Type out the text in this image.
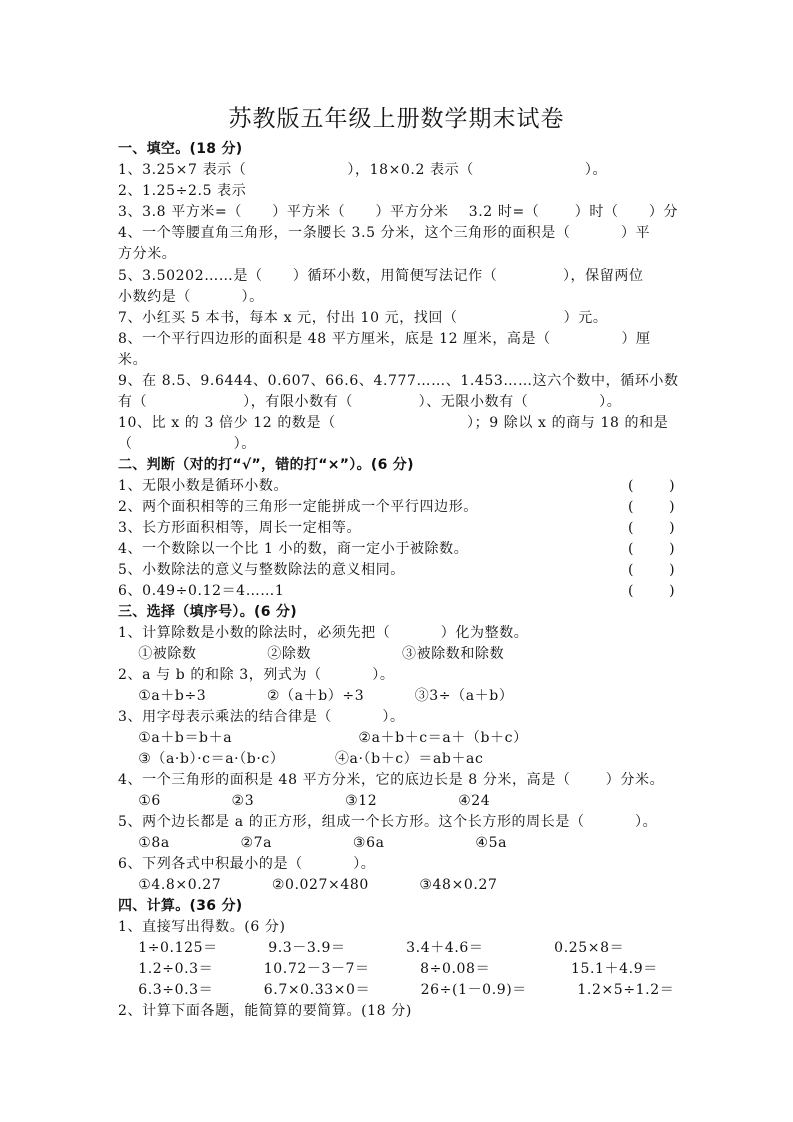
苏教版五年级上册数学期末试卷
一、填空。(18 分)
1、3.25×7 表示（                    ），18×0.2 表示（                      ）。
2、1.25÷2.5 表示
3、3.8 平方米=（      ）平方米（      ）平方分米    3.2 时=（       ）时（      ）分
4、一个等腰直角三角形，一条腰长 3.5 分米，这个三角形的面积是（          ）平
方分米。
5、3.50202……是（      ）循环小数，用简便写法记作（             ），保留两位
小数约是（          ）。
7、小红买 5 本书，每本 x 元，付出 10 元，找回（                     ）元。
8、一个平行四边形的面积是 48 平方厘米，底是 12 厘米，高是（              ）厘
米。
9、在 8.5、9.6444、0.607、66.6、4.777……、1.453……这六个数中，循环小数
有（                   ），有限小数有（             ）、无限小数有（              ）。
10、比 x 的 3 倍少 12 的数是（                          ）；9 除以 x 的商与 18 的和是
（                    ）。
二、判断（对的打“√”，错的打“×”）。(6 分)
1、无限小数是循环小数。	(        )
2、两个面积相等的三角形一定能拼成一个平行四边形。	(        )
3、长方形面积相等，周长一定相等。	(        )
4、一个数除以一个比 1 小的数，商一定小于被除数。	(        )
5、小数除法的意义与整数除法的意义相同。	(        )
6、0.49÷0.12＝4……1	(        )
三、选择（填序号）。(6 分)
1、计算除数是小数的除法时，必须先把（          ）化为整数。
①被除数              ②除数                  ③被除数和除数
2、a 与 b 的和除 3，列式为（          ）。
①a＋b÷3            ②（a＋b）÷3          ③3÷（a＋b）
3、用字母表示乘法的结合律是（          ）。
①a＋b＝b＋a                         ②a＋b＋c＝a＋（b＋c）
③（a·b）·c＝a·（b·c）          ④a·（b＋c）＝ab＋ac
4、一个三角形的面积是 48 平方分米，它的底边长是 8 分米，高是（       ）分米。
①6              ②3                  ③12                ④24
5、两个边长都是 a 的正方形，组成一个长方形。这个长方形的周长是（          ）。
①8a              ②7a                ③6a                  ④5a
6、下列各式中积最小的是（          ）。
①4.8×0.27          ②0.027×480          ③48×0.27
四、计算。(36 分)
1、直接写出得数。(6 分)
1÷0.125＝          9.3－3.9＝            3.4＋4.6＝              0.25×8＝
1.2÷0.3＝          10.72－3－7＝          8÷0.08＝                15.1＋4.9＝
6.3÷0.3＝          6.7×0.33×0＝          26÷(1－0.9)＝          1.2×5÷1.2＝
2、计算下面各题，能简算的要简算。(18 分)
